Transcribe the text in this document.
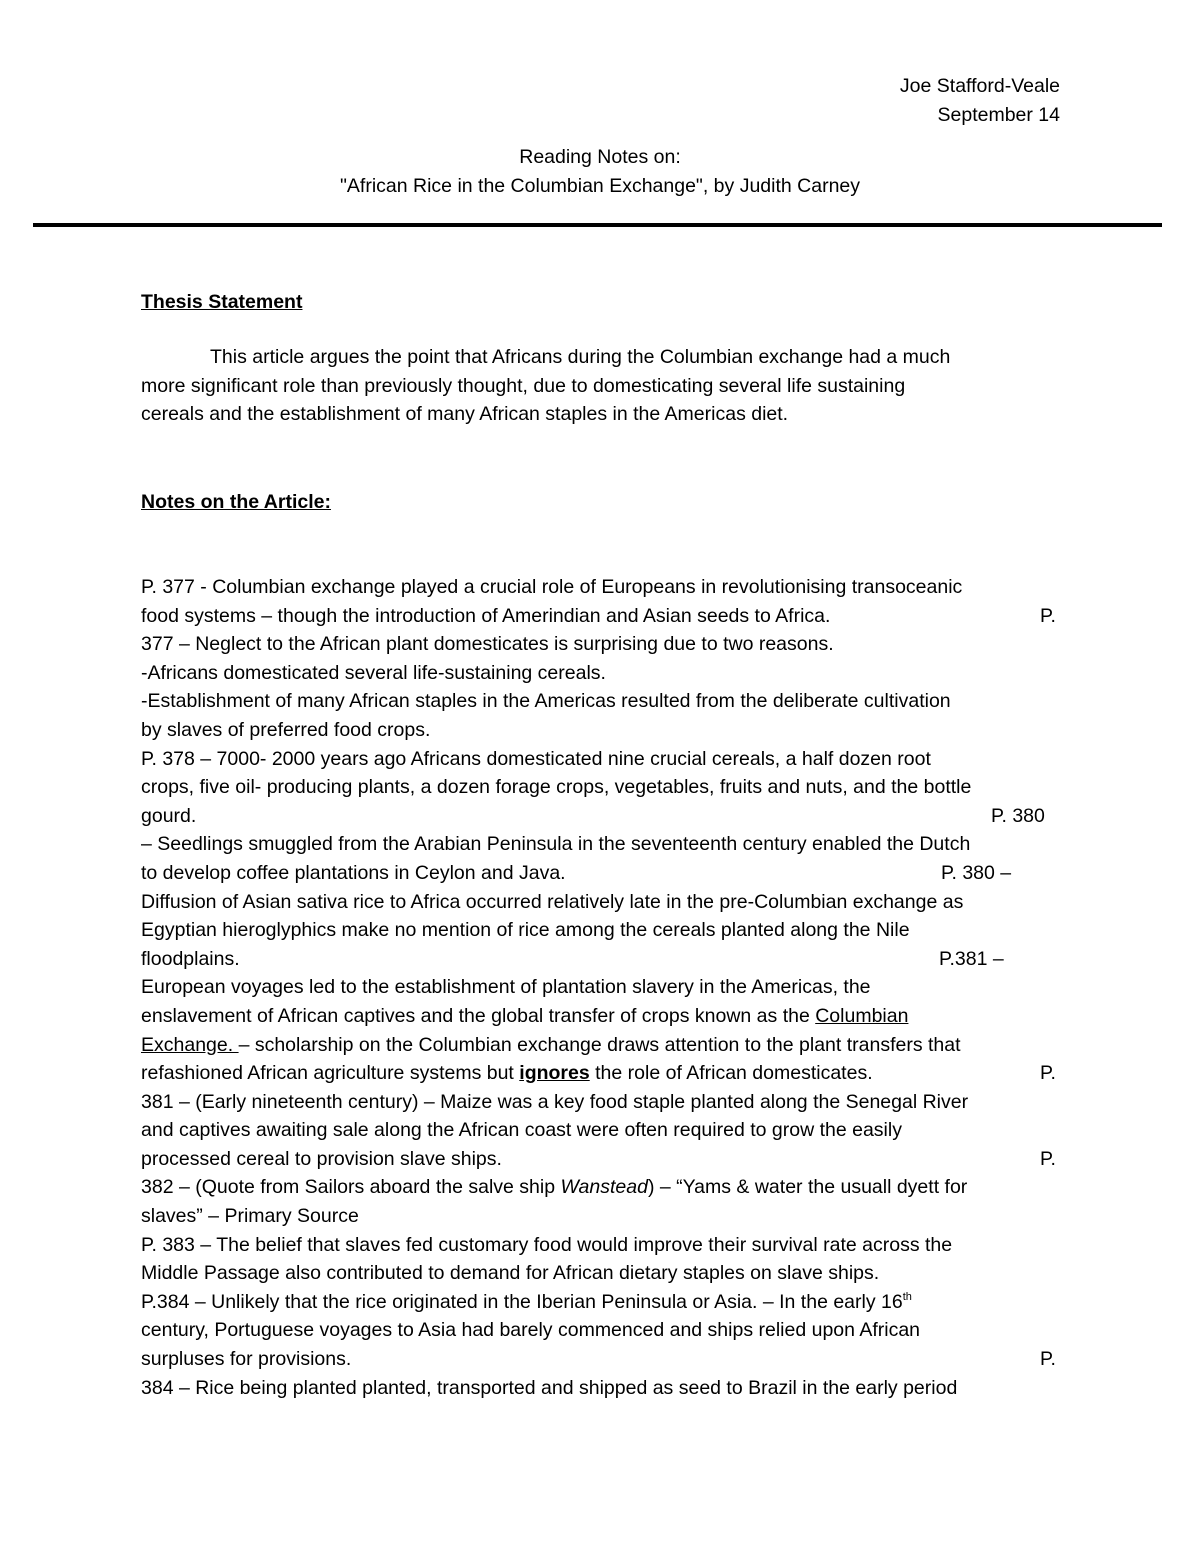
Joe Stafford-Veale
September 14
Reading Notes on:
"African Rice in the Columbian Exchange", by Judith Carney
Thesis Statement
This article argues the point that Africans during the Columbian exchange had a much
more significant role than previously thought, due to domesticating several life sustaining
cereals and the establishment of many African staples in the Americas diet.
Notes on the Article:
P. 377 - Columbian exchange played a crucial role of Europeans in revolutionising transoceanic
food systems – though the introduction of Amerindian and Asian seeds to Africa.	P.
377 – Neglect to the African plant domesticates is surprising due to two reasons.
-Africans domesticated several life-sustaining cereals.
-Establishment of many African staples in the Americas resulted from the deliberate cultivation
by slaves of preferred food crops.
P. 378 – 7000- 2000 years ago Africans domesticated nine crucial cereals, a half dozen root
crops, five oil- producing plants, a dozen forage crops, vegetables, fruits and nuts, and the bottle
gourd.	P. 380
– Seedlings smuggled from the Arabian Peninsula in the seventeenth century enabled the Dutch
to develop coffee plantations in Ceylon and Java.	P. 380 –
Diffusion of Asian sativa rice to Africa occurred relatively late in the pre-Columbian exchange as
Egyptian hieroglyphics make no mention of rice among the cereals planted along the Nile
floodplains.	P.381 –
European voyages led to the establishment of plantation slavery in the Americas, the
enslavement of African captives and the global transfer of crops known as the Columbian
Exchange. – scholarship on the Columbian exchange draws attention to the plant transfers that
refashioned African agriculture systems but ignores the role of African domesticates.	P.
381 – (Early nineteenth century) – Maize was a key food staple planted along the Senegal River
and captives awaiting sale along the African coast were often required to grow the easily
processed cereal to provision slave ships.	P.
382 – (Quote from Sailors aboard the salve ship Wanstead) – “Yams & water the usuall dyett for
slaves” – Primary Source
P. 383 – The belief that slaves fed customary food would improve their survival rate across the
Middle Passage also contributed to demand for African dietary staples on slave ships.
P.384 – Unlikely that the rice originated in the Iberian Peninsula or Asia. – In the early 16th
century, Portuguese voyages to Asia had barely commenced and ships relied upon African
surpluses for provisions.	P.
384 – Rice being planted planted, transported and shipped as seed to Brazil in the early period
